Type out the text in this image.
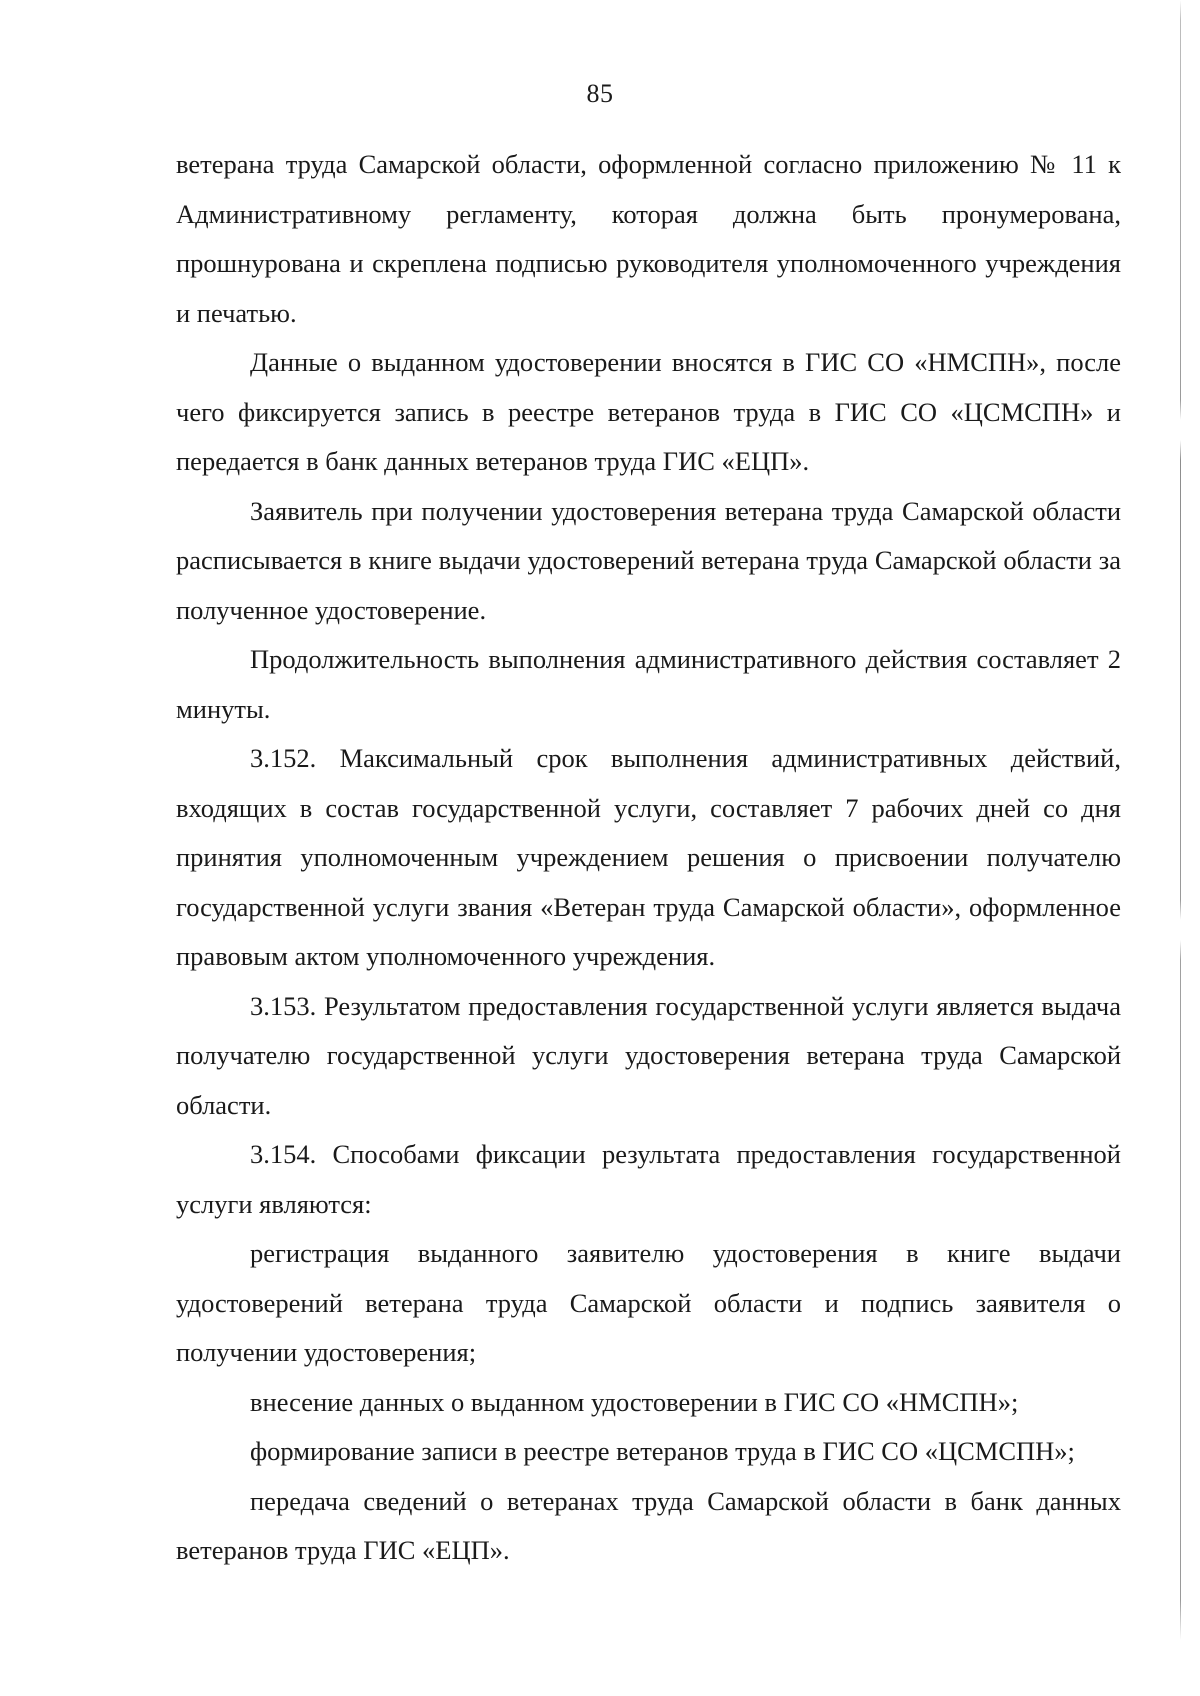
85

ветерана труда Самарской области, оформленной согласно приложению № 11 к Административному регламенту, которая должна быть пронумерована, прошнурована и скреплена подписью руководителя уполномоченного учреждения и печатью.

Данные о выданном удостоверении вносятся в ГИС СО «НМСПН», после чего фиксируется запись в реестре ветеранов труда в ГИС СО «ЦСМСПН» и передается в банк данных ветеранов труда ГИС «ЕЦП».

Заявитель при получении удостоверения ветерана труда Самарской области расписывается в книге выдачи удостоверений ветерана труда Самарской области за полученное удостоверение.

Продолжительность выполнения административного действия составляет 2 минуты.

3.152. Максимальный срок выполнения административных действий, входящих в состав государственной услуги, составляет 7 рабочих дней со дня принятия уполномоченным учреждением решения о присвоении получателю государственной услуги звания «Ветеран труда Самарской области», оформленное правовым актом уполномоченного учреждения.

3.153. Результатом предоставления государственной услуги является выдача получателю государственной услуги удостоверения ветерана труда Самарской области.

3.154. Способами фиксации результата предоставления государственной услуги являются:

регистрация выданного заявителю удостоверения в книге выдачи удостоверений ветерана труда Самарской области и подпись заявителя о получении удостоверения;

внесение данных о выданном удостоверении в ГИС СО «НМСПН»;

формирование записи в реестре ветеранов труда в ГИС СО «ЦСМСПН»;

передача сведений о ветеранах труда Самарской области в банк данных ветеранов труда ГИС «ЕЦП».
